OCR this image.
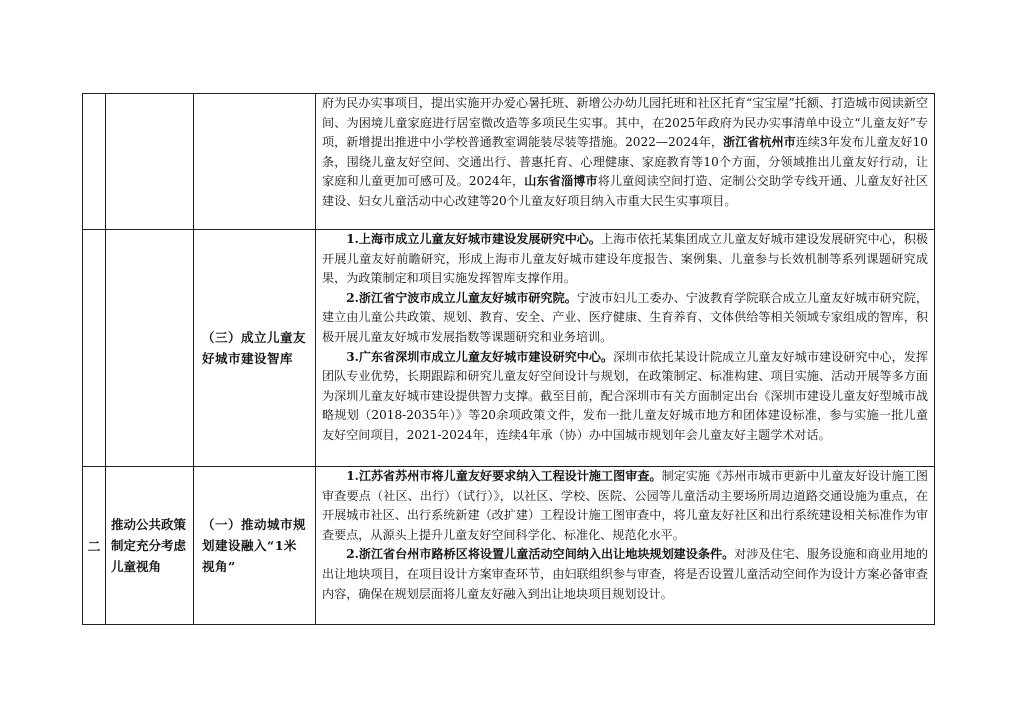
			府为民办实事项目，提出实施开办爱心暑托班、新增公办幼儿园托班和社区托育“宝宝屋”托额、打造城市阅读新空间、为困境儿童家庭进行居室微改造等多项民生实事。其中，在2025年政府为民办实事清单中设立“儿童友好”专项，新增提出推进中小学校普通教室调能装尽装等措施。2022—2024年，浙江省杭州市连续3年发布儿童友好10条，围绕儿童友好空间、交通出行、普惠托育、心理健康、家庭教育等10个方面，分领域推出儿童友好行动，让家庭和儿童更加可感可及。2024年，山东省淄博市将儿童阅读空间打造、定制公交助学专线开通、儿童友好社区建设、妇女儿童活动中心改建等20个儿童友好项目纳入市重大民生实事项目。

		（三）成立儿童友好城市建设智库	1.上海市成立儿童友好城市建设发展研究中心。上海市依托某集团成立儿童友好城市建设发展研究中心，积极开展儿童友好前瞻研究，形成上海市儿童友好城市建设年度报告、案例集、儿童参与长效机制等系列课题研究成果，为政策制定和项目实施发挥智库支撑作用。

2.浙江省宁波市成立儿童友好城市研究院。宁波市妇儿工委办、宁波教育学院联合成立儿童友好城市研究院，建立由儿童公共政策、规划、教育、安全、产业、医疗健康、生育养育、文体供给等相关领域专家组成的智库，积极开展儿童友好城市发展指数等课题研究和业务培训。

3.广东省深圳市成立儿童友好城市建设研究中心。深圳市依托某设计院成立儿童友好城市建设研究中心，发挥团队专业优势，长期跟踪和研究儿童友好空间设计与规划，在政策制定、标准构建、项目实施、活动开展等多方面为深圳儿童友好城市建设提供智力支撑。截至目前，配合深圳市有关方面制定出台《深圳市建设儿童友好型城市战略规划（2018-2035年）》等20余项政策文件，发布一批儿童友好城市地方和团体建设标准，参与实施一批儿童友好空间项目，2021-2024年，连续4年承（协）办中国城市规划年会儿童友好主题学术对话。

二	推动公共政策制定充分考虑儿童视角	（一）推动城市规划建设融入“1米视角”	1.江苏省苏州市将儿童友好要求纳入工程设计施工图审查。制定实施《苏州市城市更新中儿童友好设计施工图审查要点（社区、出行）（试行）》，以社区、学校、医院、公园等儿童活动主要场所周边道路交通设施为重点，在开展城市社区、出行系统新建（改扩建）工程设计施工图审查中，将儿童友好社区和出行系统建设相关标准作为审查要点，从源头上提升儿童友好空间科学化、标准化、规范化水平。

2.浙江省台州市路桥区将设置儿童活动空间纳入出让地块规划建设条件。对涉及住宅、服务设施和商业用地的出让地块项目，在项目设计方案审查环节，由妇联组织参与审查，将是否设置儿童活动空间作为设计方案必备审查内容，确保在规划层面将儿童友好融入到出让地块项目规划设计。
